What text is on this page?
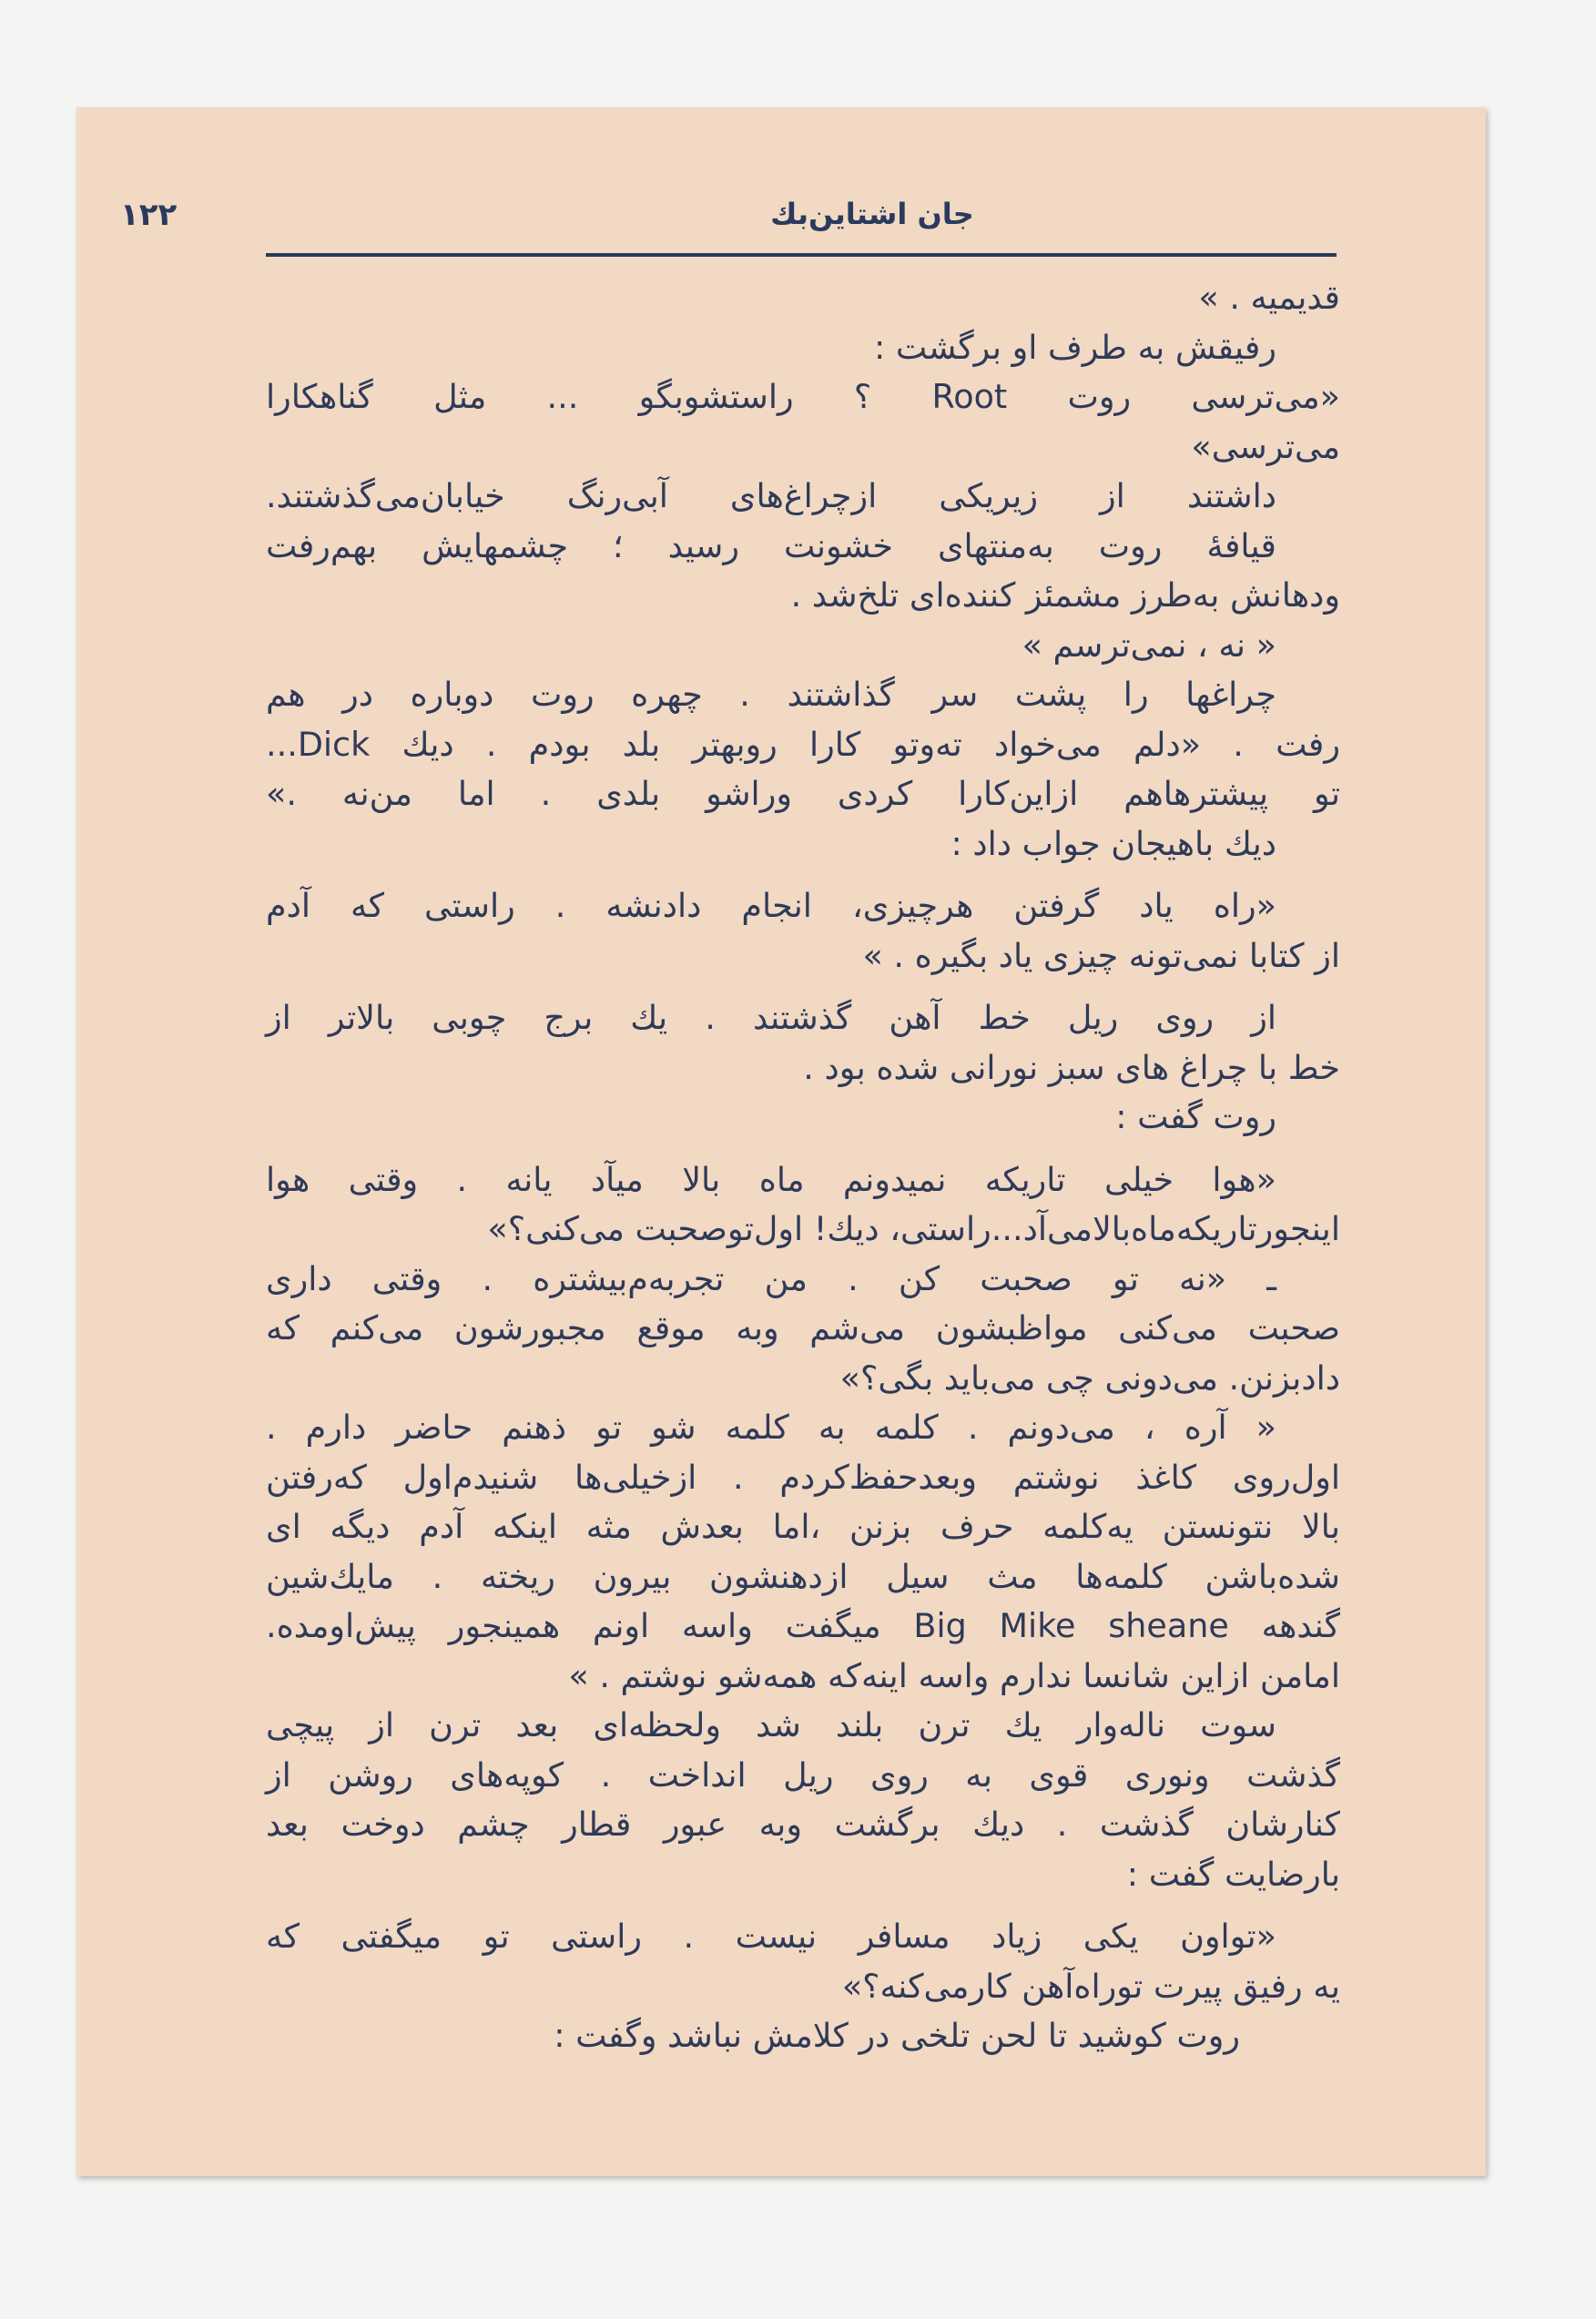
۱۲۲	جان اشتاین‌بك
قدیمیه . »
رفیقش به طرف او برگشت :
«می‌ترسی روت Root ؟ راستشوبگو ... مثل گناهکارا
می‌ترسی»
داشتند از زیریکی ازچراغ‌های آبی‌رنگ خیابان‌می‌گذشتند.
قیافهٔ روت به‌منتهای خشونت رسید ؛ چشمهایش بهم‌رفت
ودهانش به‌طرز مشمئز کننده‌ای تلخ‌شد .
« نه ، نمی‌ترسم »
چراغها را پشت سر گذاشتند . چهره روت دوباره در هم
رفت . «دلم می‌خواد ته‌وتو کارا روبهتر بلد بودم . دیك Dick...
تو پیشترهاهم ازاین‌کارا کردی وراشو بلدی . اما من‌نه .»
دیك باهیجان جواب داد :
«راه یاد گرفتن هرچیزی، انجام دادنشه . راستی که آدم
از کتابا نمی‌تونه چیزی یاد بگیره . »
از روی ریل خط آهن گذشتند . یك برج چوبی بالاتر از
خط با چراغ های سبز نورانی شده بود .
روت گفت :
«هوا خیلی تاریکه نمیدونم ماه بالا میآد یانه . وقتی هوا
اینجورتاریکه‌ماه‌بالامی‌آد...راستی، دیك! اول‌توصحبت می‌کنی؟»
ـ «نه تو صحبت کن . من تجربه‌م‌بیشتره . وقتی داری
صحبت می‌کنی مواظبشون می‌شم وبه موقع مجبورشون می‌کنم که
دادبزنن. می‌دونی چی می‌باید بگی؟»
« آره ، می‌دونم . کلمه به کلمه شو تو ذهنم حاضر دارم .
اول‌روی کاغذ نوشتم وبعدحفظ‌کردم . ازخیلی‌ها شنیدم‌اول که‌رفتن
بالا نتونستن یه‌کلمه حرف بزنن ،اما بعدش مثه اینکه آدم دیگه ای
شده‌باشن کلمه‌ها مث سیل ازدهنشون بیرون ریخته . مایك‌شین
گندهه Big Mike sheane میگفت واسه اونم همینجور پیش‌اومده.
امامن ازاین شانسا ندارم واسه اینه‌که همه‌شو نوشتم . »
سوت ناله‌وار یك ترن بلند شد ولحظه‌ای بعد ترن از پیچی
گذشت ونوری قوی به روی ریل انداخت . کوپه‌های روشن از
کنارشان گذشت . دیك برگشت وبه عبور قطار چشم دوخت بعد
بارضایت گفت :
«تواون یکی زیاد مسافر نیست . راستی تو میگفتی که
یه رفیق پیرت توراه‌آهن کارمی‌کنه؟»
روت کوشید تا لحن تلخی در کلامش نباشد وگفت :
